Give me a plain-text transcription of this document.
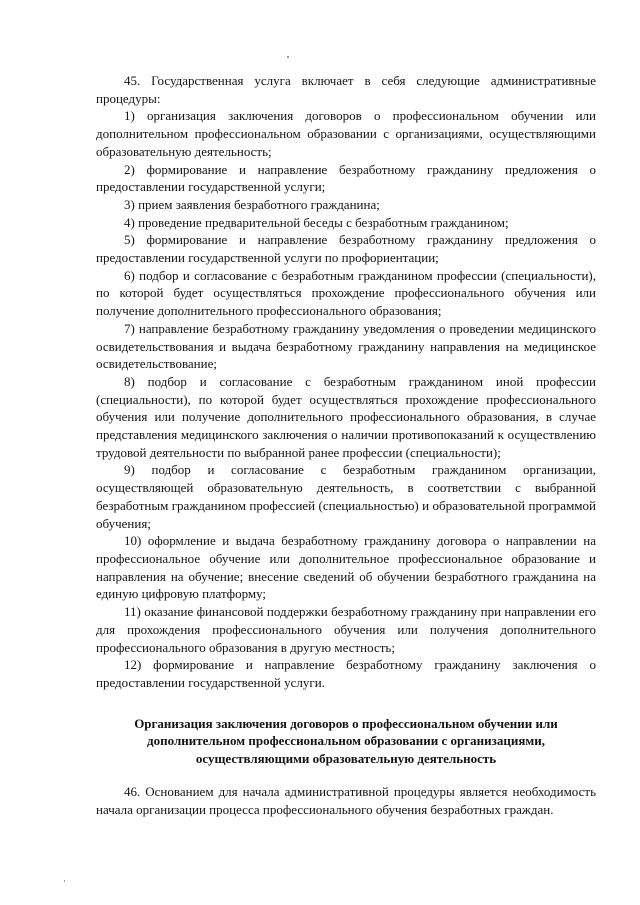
45. Государственная услуга включает в себя следующие административные процедуры:

1) организация заключения договоров о профессиональном обучении или дополнительном профессиональном образовании с организациями, осуществляющими образовательную деятельность;

2) формирование и направление безработному гражданину предложения о предоставлении государственной услуги;

3) прием заявления безработного гражданина;

4) проведение предварительной беседы с безработным гражданином;

5) формирование и направление безработному гражданину предложения о предоставлении государственной услуги по профориентации;

6) подбор и согласование с безработным гражданином профессии (специальности), по которой будет осуществляться прохождение профессионального обучения или получение дополнительного профессионального образования;

7) направление безработному гражданину уведомления о проведении медицинского освидетельствования и выдача безработному гражданину направления на медицинское освидетельствование;

8) подбор и согласование с безработным гражданином иной профессии (специальности), по которой будет осуществляться прохождение профессионального обучения или получение дополнительного профессионального образования, в случае представления медицинского заключения о наличии противопоказаний к осуществлению трудовой деятельности по выбранной ранее профессии (специальности);

9) подбор и согласование с безработным гражданином организации, осуществляющей образовательную деятельность, в соответствии с выбранной безработным гражданином профессией (специальностью) и образовательной программой обучения;

10) оформление и выдача безработному гражданину договора о направлении на профессиональное обучение или дополнительное профессиональное образование и направления на обучение; внесение сведений об обучении безработного гражданина на единую цифровую платформу;

11) оказание финансовой поддержки безработному гражданину при направлении его для прохождения профессионального обучения или получения дополнительного профессионального образования в другую местность;

12) формирование и направление безработному гражданину заключения о предоставлении государственной услуги.

Организация заключения договоров о профессиональном обучении или дополнительном профессиональном образовании с организациями, осуществляющими образовательную деятельность

46. Основанием для начала административной процедуры является необходимость начала организации процесса профессионального обучения безработных граждан.
